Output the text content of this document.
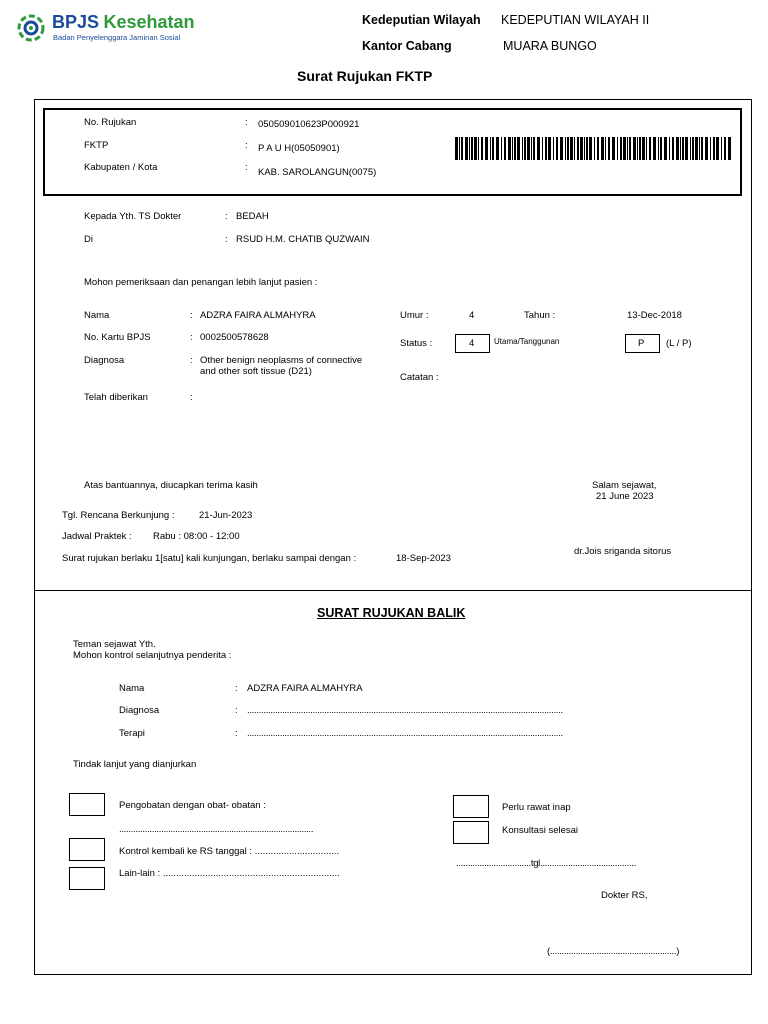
BPJS Kesehatan
Badan Penyelenggara Jaminan Sosial
Kedeputian Wilayah KEDEPUTIAN WILAYAH II
Kantor Cabang	MUARA BUNGO
Surat Rujukan FKTP
No. Rujukan	: 050509010623P000921
FKTP	: P A U H(05050901)
Kabupaten / Kota	: KAB. SAROLANGUN(0075)
Kepada Yth. TS Dokter	: BEDAH
Di	: RSUD H.M. CHATIB QUZWAIN
Mohon pemeriksaan dan penangan lebih lanjut pasien :
Nama	: ADZRA FAIRA ALMAHYRA
No. Kartu BPJS	: 0002500578628
Diagnosa	: Other benign neoplasms of connective
and other soft tissue (D21)
Telah diberikan	:
Umur :	4	Tahun :	13-Dec-2018
Status :	4 Utama/Tanggunan	P (L / P)
Catatan :
Atas bantuannya, diucapkan terima kasih	Salam sejawat,
21 June 2023
Tgl. Rencana Berkunjung :	21-Jun-2023
Jadwal Praktek : Rabu : 08:00 - 12:00
Surat rujukan berlaku 1[satu] kali kunjungan, berlaku sampai dengan :	18-Sep-2023
dr.Jois sriganda sitorus
SURAT RUJUKAN BALIK
Teman sejawat Yth.
Mohon kontrol selanjutnya penderita :
Nama	: ADZRA FAIRA ALMAHYRA
Diagnosa	: .......................................................................................................................................
Terapi	: .......................................................................................................................................
Tindak lanjut yang dianjurkan
Pengobatan dengan obat- obatan :
...................................................................................
Kontrol kembali ke RS tanggal : ................................
Lain-lain : ...................................................................
Perlu rawat inap
Konsultasi selesai
................................tgl.........................................
Dokter RS,
(......................................................)
